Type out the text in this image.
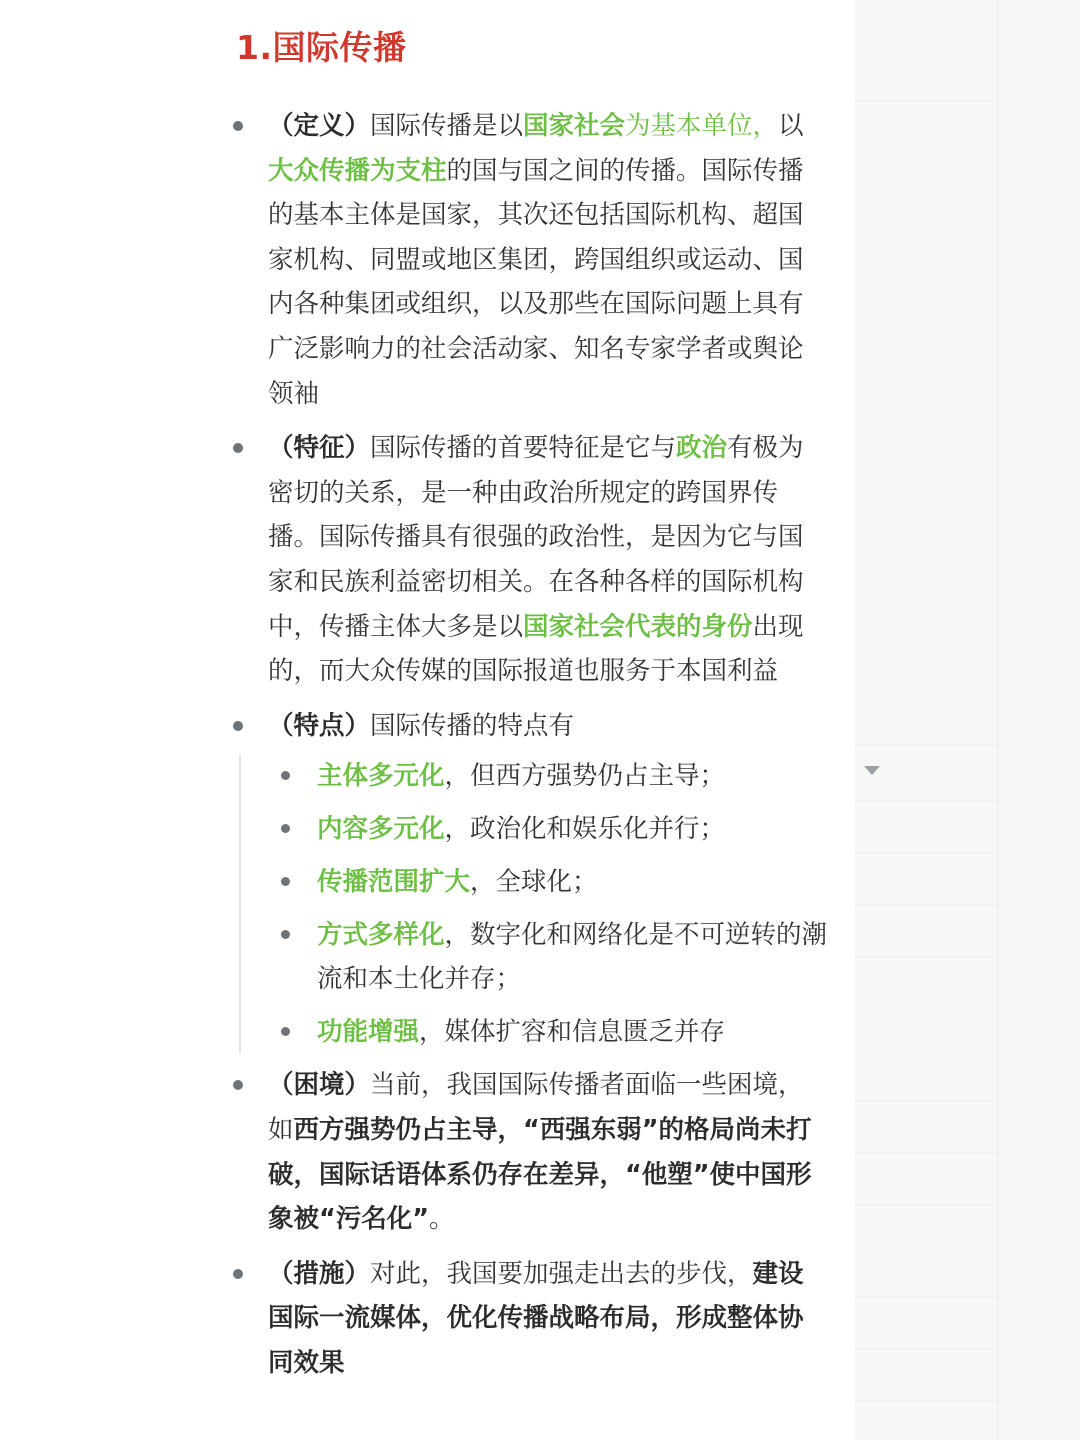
1.国际传播
（定义）国际传播是以国家社会为基本单位，以大众传播为支柱的国与国之间的传播。国际传播的基本主体是国家，其次还包括国际机构、超国家机构、同盟或地区集团，跨国组织或运动、国内各种集团或组织，以及那些在国际问题上具有广泛影响力的社会活动家、知名专家学者或舆论领袖
（特征）国际传播的首要特征是它与政治有极为密切的关系，是一种由政治所规定的跨国界传播。国际传播具有很强的政治性，是因为它与国家和民族利益密切相关。在各种各样的国际机构中，传播主体大多是以国家社会代表的身份出现的，而大众传媒的国际报道也服务于本国利益
（特点）国际传播的特点有
主体多元化，但西方强势仍占主导；
内容多元化，政治化和娱乐化并行；
传播范围扩大，全球化；
方式多样化，数字化和网络化是不可逆转的潮流和本土化并存；
功能增强，媒体扩容和信息匮乏并存
（困境）当前，我国国际传播者面临一些困境，如西方强势仍占主导，“西强东弱”的格局尚未打破，国际话语体系仍存在差异，“他塑”使中国形象被“污名化”。
（措施）对此，我国要加强走出去的步伐，建设国际一流媒体，优化传播战略布局，形成整体协同效果
